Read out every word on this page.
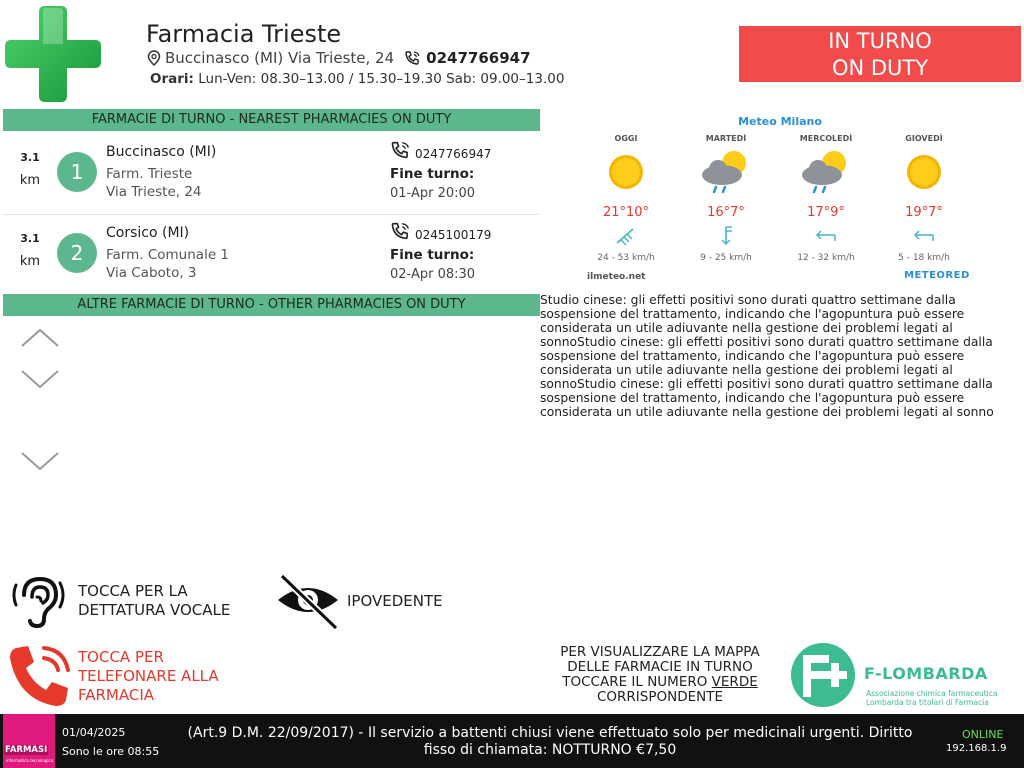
Farmacia Trieste
Buccinasco (MI) Via Trieste, 24 0247766947
Orari: Lun-Ven: 08.30–13.00 / 15.30–19.30 Sab: 09.00–13.00
IN TURNO
ON DUTY
FARMACIE DI TURNO - NEAREST PHARMACIES ON DUTY
3.1
km	1
Buccinasco (MI)
Farm. Trieste
Via Trieste, 24
0247766947
Fine turno:
01-Apr 20:00
3.1
km	2
Corsico (MI)
Farm. Comunale 1
Via Caboto, 3
0245100179
Fine turno:
02-Apr 08:30
ALTRE FARMACIE DI TURNO - OTHER PHARMACIES ON DUTY
Meteo Milano
OGGI
21°10°
24 - 53 km/h
MARTEDÌ
16°7°
9 - 25 km/h
MERCOLEDÌ
17°9°
12 - 32 km/h
GIOVEDÌ
19°7°
5 - 18 km/h
ilmeteo.net	METEORED
Studio cinese: gli effetti positivi sono durati quattro settimane dalla sospensione del trattamento, indicando che l'agopuntura può essere considerata un utile adiuvante nella gestione dei problemi legati al sonnoStudio cinese: gli effetti positivi sono durati quattro settimane dalla sospensione del trattamento, indicando che l'agopuntura può essere considerata un utile adiuvante nella gestione dei problemi legati al sonnoStudio cinese: gli effetti positivi sono durati quattro settimane dalla sospensione del trattamento, indicando che l'agopuntura può essere considerata un utile adiuvante nella gestione dei problemi legati al sonno
TOCCA PER LA
DETTATURA VOCALE	IPOVEDENTE
TOCCA PER
TELEFONARE ALLA
FARMACIA
PER VISUALIZZARE LA MAPPA
DELLE FARMACIE IN TURNO
TOCCARE IL NUMERO VERDE
CORRISPONDENTE
F-LOMBARDA
Associazione chimica farmaceutica
Lombarda tra titolari di Farmacia
FARMASI
informatica tecnologica
01/04/2025
Sono le ore 08:55
(Art.9 D.M. 22/09/2017) - Il servizio a battenti chiusi viene effettuato solo per medicinali urgenti. Diritto fisso di chiamata: NOTTURNO €7,50
ONLINE
192.168.1.9
